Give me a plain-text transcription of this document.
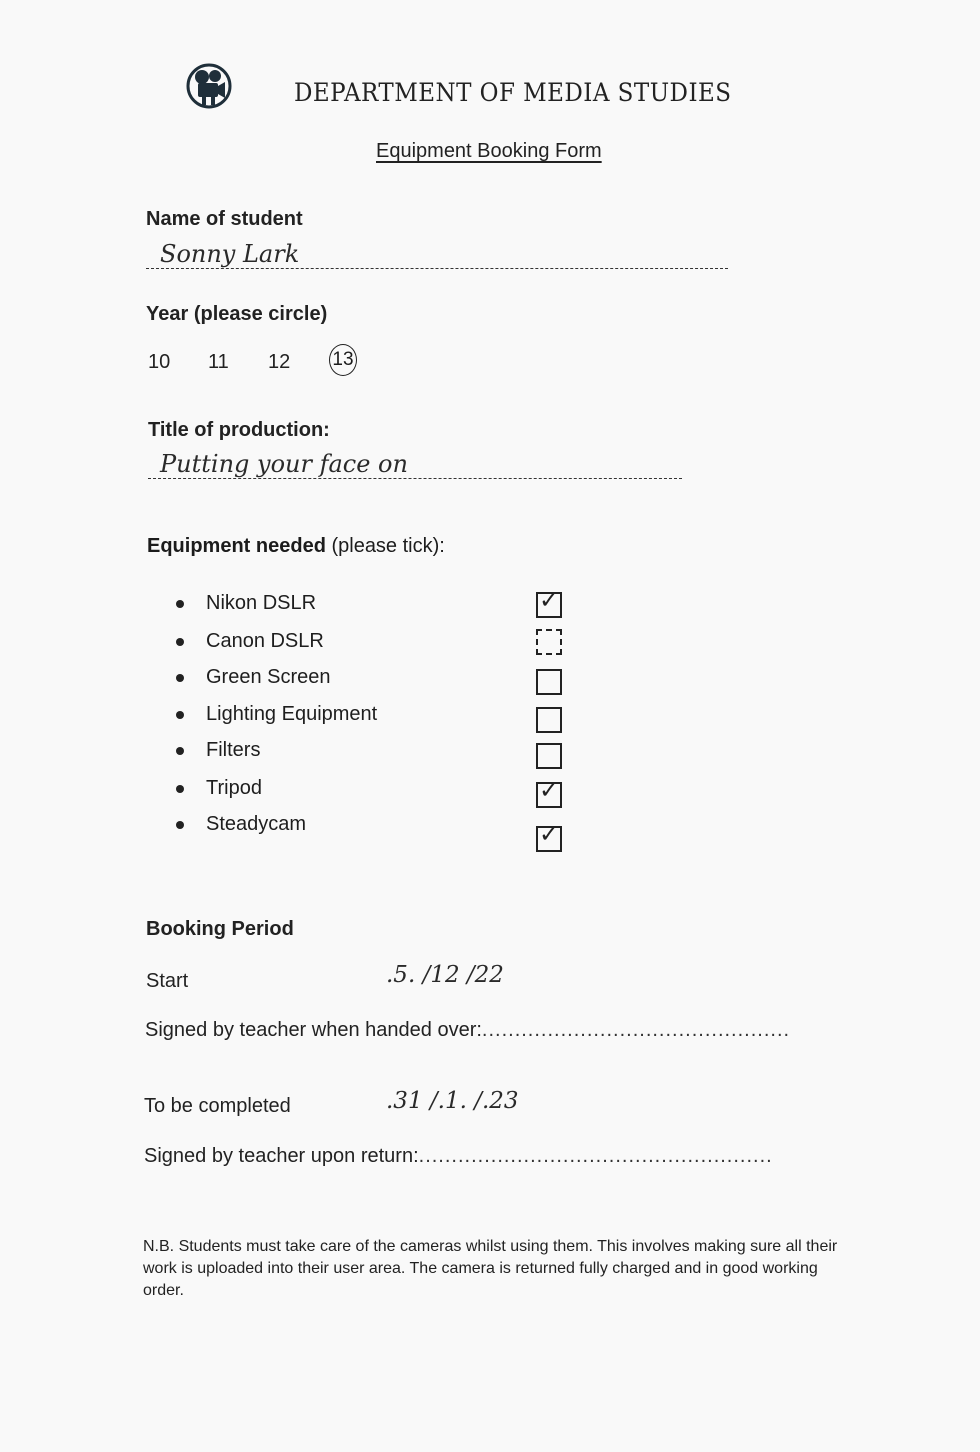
DEPARTMENT OF MEDIA STUDIES
Equipment Booking Form
Name of student
Sonny Lark
Year (please circle)
10 11 12 13
Title of production:
Putting your face on
Equipment needed (please tick):
Nikon DSLR
Canon DSLR
Green Screen
Lighting Equipment
Filters
Tripod
Steadycam
✓
✓
✓
Booking Period
Start	.5. /12 /22
Signed by teacher when handed over:...............................................
To be completed	.31 /.1. /.23
Signed by teacher upon return:......................................................
N.B. Students must take care of the cameras whilst using them. This involves making sure all their work is uploaded into their user area. The camera is returned fully charged and in good working order.
